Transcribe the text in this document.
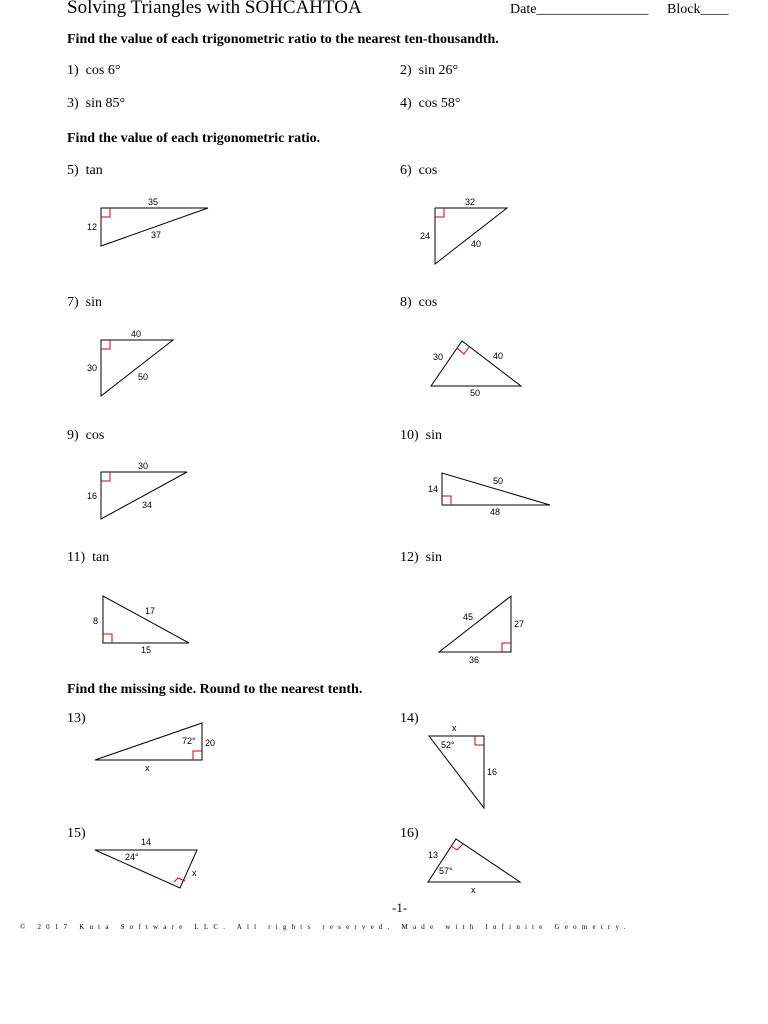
Solving Triangles with SOHCAHTOA	Date________________ Block____
Find the value of each trigonometric ratio to the nearest ten-thousandth.
1) cos 6°	2) sin 26°
3) sin 85°	4) cos 58°
Find the value of each trigonometric ratio.
5) tan	6) cos
7) sin	8) cos
9) cos	10) sin
11) tan	12) sin
Find the missing side. Round to the nearest tenth.
13)	14)
15)	16)
35
12
37
32
24
40
40
30
50
30	40
50
30
16
34
14
50
48
8
17
15
45
27
36
72° 20
x
x
52°
16
14
24°
x
13
57°
x
-1-
© 2017 Kuta Software LLC. All rights reserved. Made with Infinite Geometry.
